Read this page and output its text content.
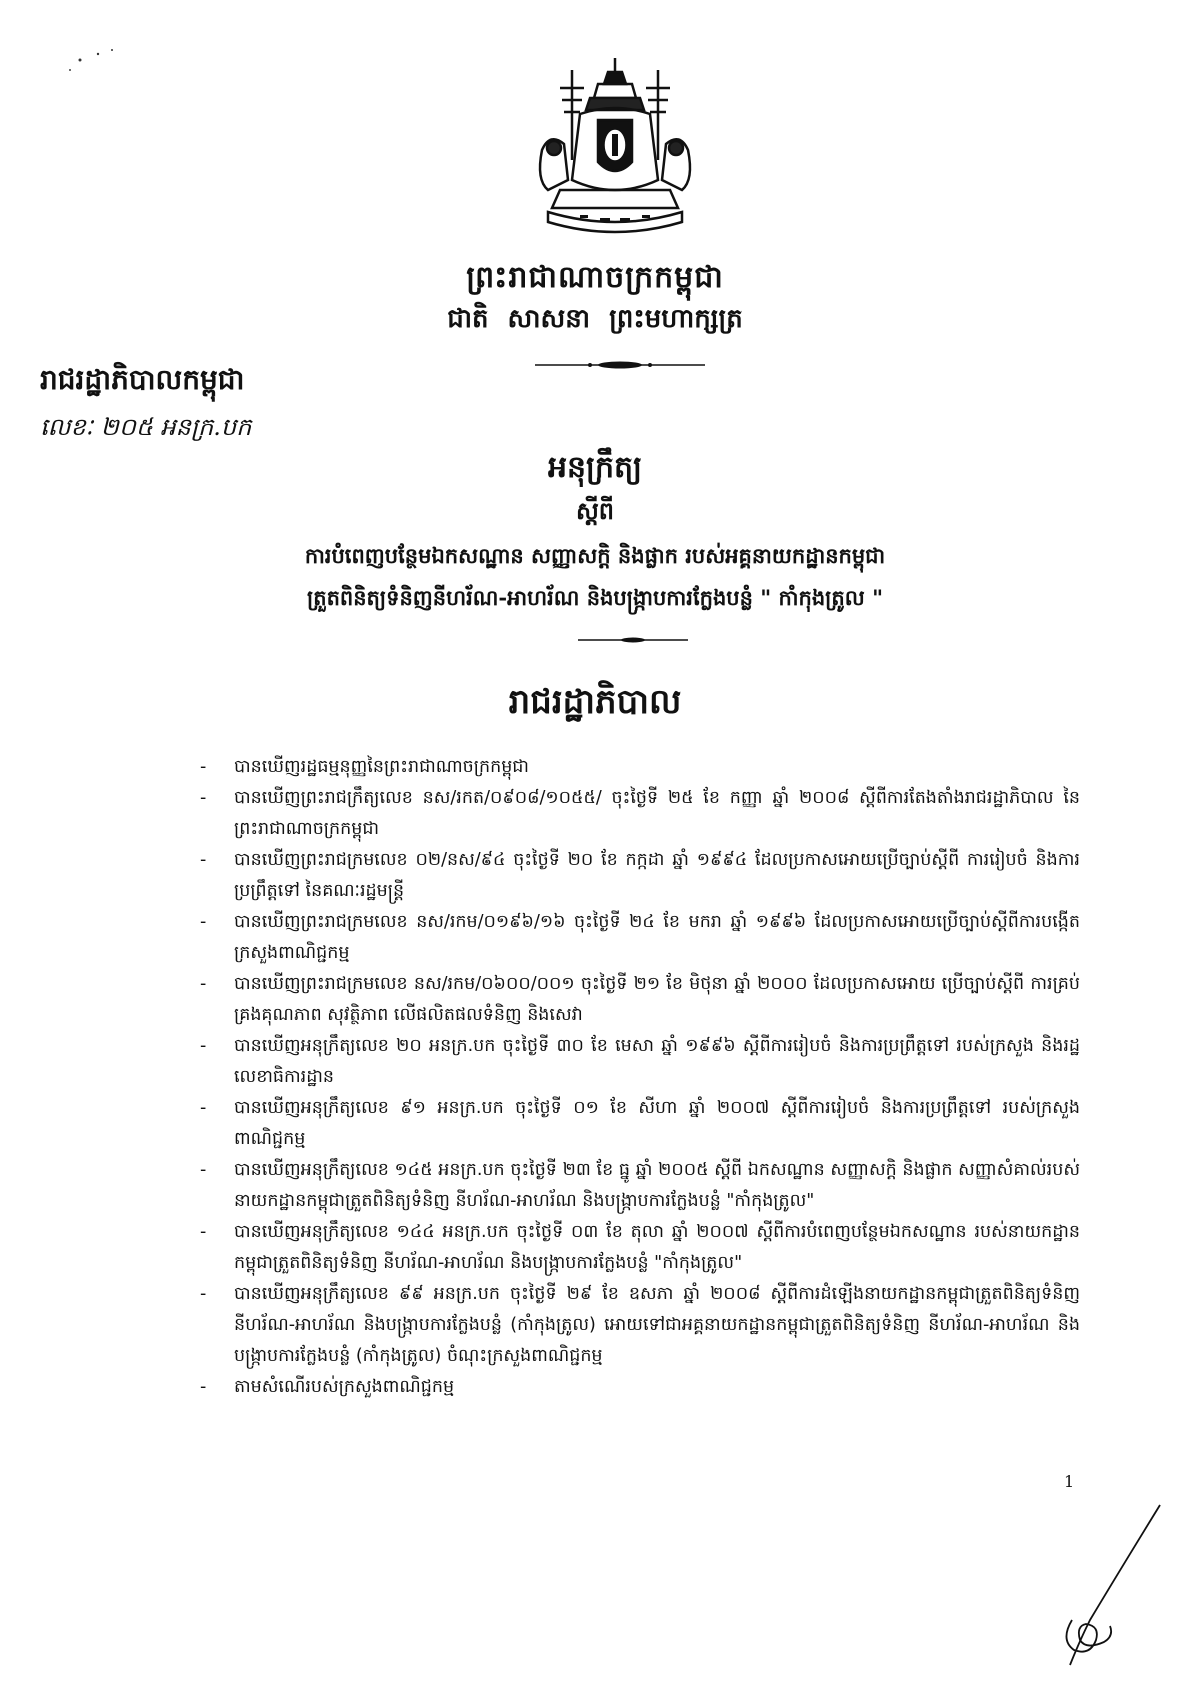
ព្រះរាជាណាចក្រកម្ពុជា
ជាតិ សាសនា ព្រះមហាក្សត្រ
រាជរដ្ឋាភិបាលកម្ពុជា
លេខៈ ២០៥ អនក្រ.បក
អនុក្រឹត្យ
ស្តីពី
ការបំពេញបន្ថែមឯកសណ្ឋាន សញ្ញាសក្តិ និងផ្លាក របស់អគ្គនាយកដ្ឋានកម្ពុជា
ត្រួតពិនិត្យទំនិញនីហរ័ណ-អាហរ័ណ និងបង្ក្រាបការក្លែងបន្លំ " កាំកុងត្រូល "
រាជរដ្ឋាភិបាល
- បានឃើញរដ្ឋធម្មនុញ្ញនៃព្រះរាជាណាចក្រកម្ពុជា
- បានឃើញព្រះរាជក្រឹត្យលេខ នស/រកត/០៩០៨/១០៥៥/ ចុះថ្ងៃទី ២៥ ខែ កញ្ញា ឆ្នាំ ២០០៨ ស្តីពីការតែងតាំងរាជរដ្ឋាភិបាល នៃព្រះរាជាណាចក្រកម្ពុជា
- បានឃើញព្រះរាជក្រមលេខ ០២/នស/៩៤ ចុះថ្ងៃទី ២០ ខែ កក្កដា ឆ្នាំ ១៩៩៤ ដែលប្រកាសអោយប្រើច្បាប់ស្តីពី ការរៀបចំ និងការប្រព្រឹត្តទៅ នៃគណៈរដ្ឋមន្ត្រី
- បានឃើញព្រះរាជក្រមលេខ នស/រកម/០១៩៦/១៦ ចុះថ្ងៃទី ២៤ ខែ មករា ឆ្នាំ ១៩៩៦ ដែលប្រកាសអោយប្រើច្បាប់ស្តីពីការបង្កើតក្រសួងពាណិជ្ជកម្ម
- បានឃើញព្រះរាជក្រមលេខ នស/រកម/០៦០០/០០១ ចុះថ្ងៃទី ២១ ខែ មិថុនា ឆ្នាំ ២០០០ ដែលប្រកាសអោយ ប្រើច្បាប់ស្តីពី ការគ្រប់គ្រងគុណភាព សុវត្ថិភាព លើផលិតផលទំនិញ និងសេវា
- បានឃើញអនុក្រឹត្យលេខ ២០ អនក្រ.បក ចុះថ្ងៃទី ៣០ ខែ មេសា ឆ្នាំ ១៩៩៦ ស្តីពីការរៀបចំ និងការប្រព្រឹត្តទៅ របស់ក្រសួង និងរដ្ឋលេខាធិការដ្ឋាន
- បានឃើញអនុក្រឹត្យលេខ ៩១ អនក្រ.បក ចុះថ្ងៃទី ០១ ខែ សីហា ឆ្នាំ ២០០៧ ស្តីពីការរៀបចំ និងការប្រព្រឹត្តទៅ របស់ក្រសួងពាណិជ្ជកម្ម
- បានឃើញអនុក្រឹត្យលេខ ១៤៥ អនក្រ.បក ចុះថ្ងៃទី ២៣ ខែ ធ្នូ ឆ្នាំ ២០០៥ ស្តីពី ឯកសណ្ឋាន សញ្ញាសក្តិ និងផ្លាក សញ្ញាសំគាល់របស់នាយកដ្ឋានកម្ពុជាត្រួតពិនិត្យទំនិញ នីហរ័ណ-អាហរ័ណ និងបង្ក្រាបការក្លែងបន្លំ "កាំកុងត្រូល"
- បានឃើញអនុក្រឹត្យលេខ ១៤៤ អនក្រ.បក ចុះថ្ងៃទី ០៣ ខែ តុលា ឆ្នាំ ២០០៧ ស្តីពីការបំពេញបន្ថែមឯកសណ្ឋាន របស់នាយកដ្ឋានកម្ពុជាត្រួតពិនិត្យទំនិញ នីហរ័ណ-អាហរ័ណ និងបង្ក្រាបការក្លែងបន្លំ "កាំកុងត្រូល"
- បានឃើញអនុក្រឹត្យលេខ ៩៩ អនក្រ.បក ចុះថ្ងៃទី ២៩ ខែ ឧសភា ឆ្នាំ ២០០៨ ស្តីពីការដំឡើងនាយកដ្ឋានកម្ពុជាត្រួតពិនិត្យទំនិញ នីហរ័ណ-អាហរ័ណ និងបង្ក្រាបការក្លែងបន្លំ (កាំកុងត្រូល) អោយទៅជាអគ្គនាយកដ្ឋានកម្ពុជាត្រួតពិនិត្យទំនិញ នីហរ័ណ-អាហរ័ណ និងបង្ក្រាបការក្លែងបន្លំ (កាំកុងត្រូល) ចំណុះក្រសួងពាណិជ្ជកម្ម
- តាមសំណើរបស់ក្រសួងពាណិជ្ជកម្ម
1
